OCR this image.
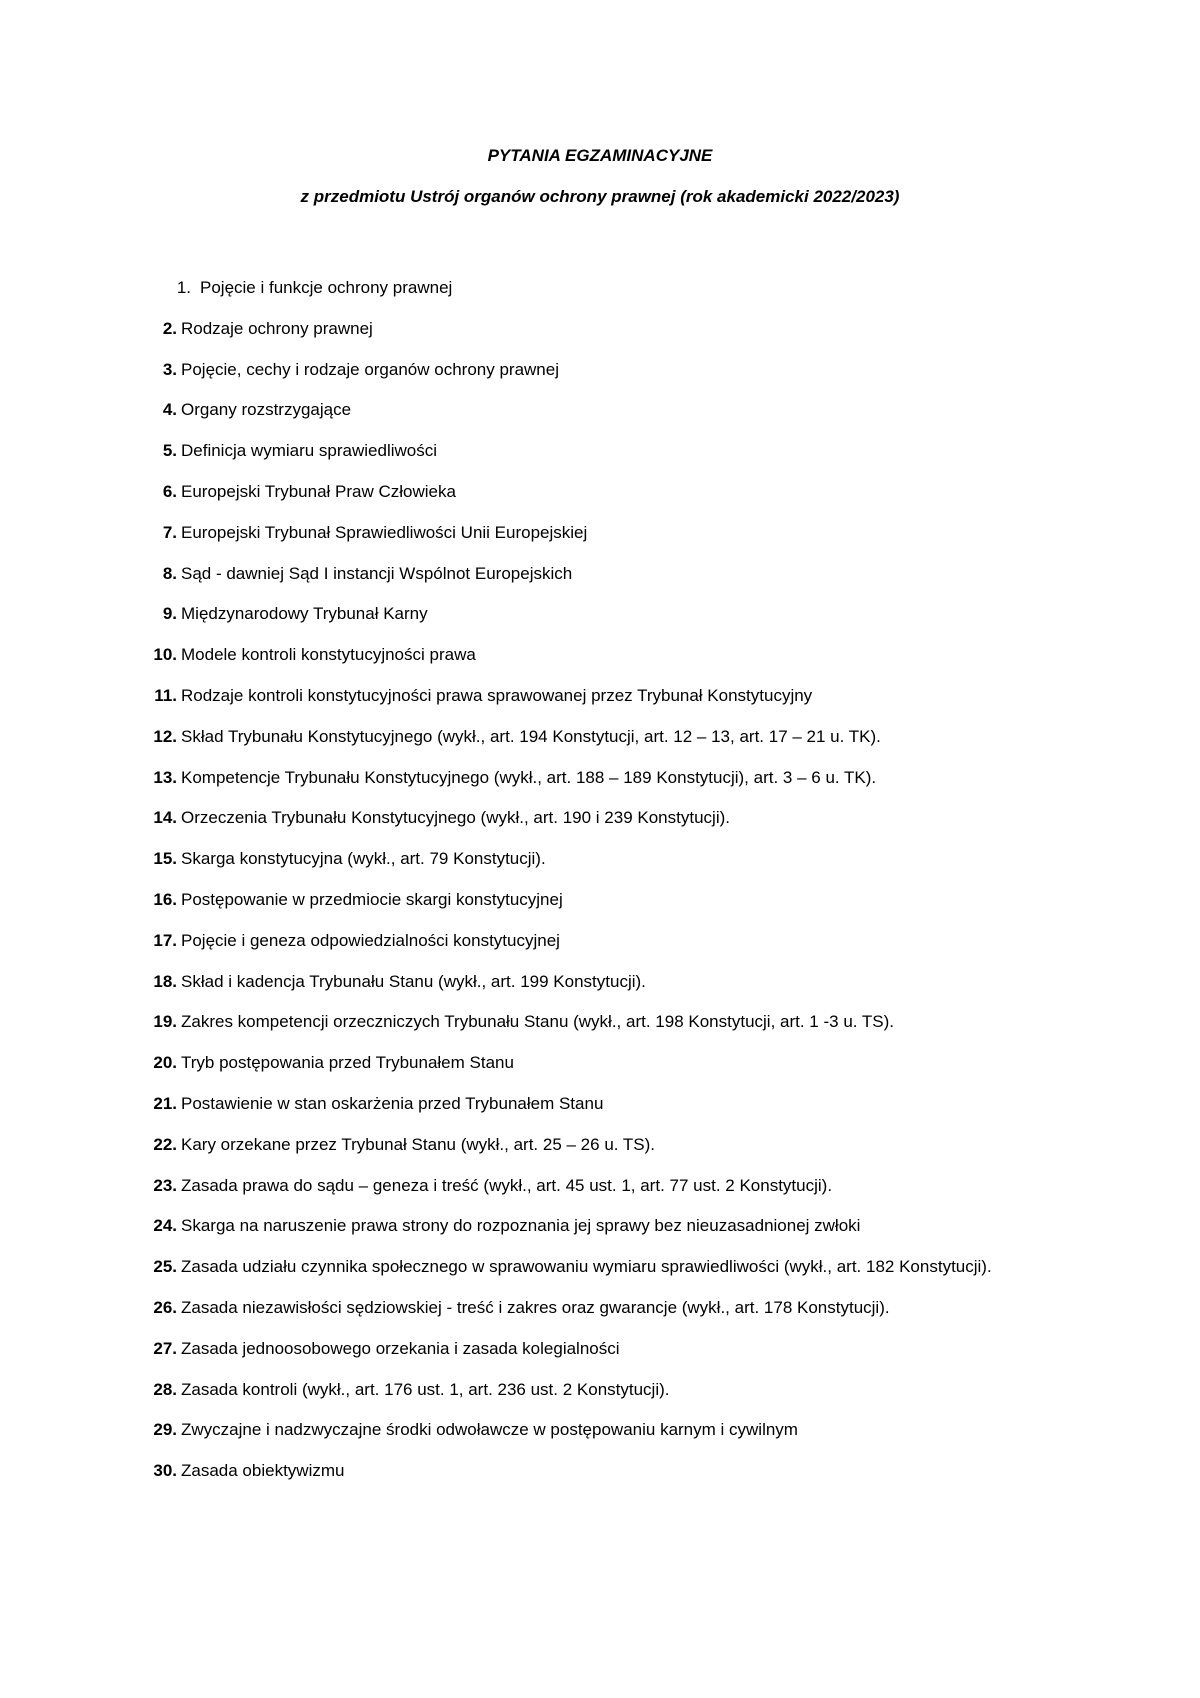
PYTANIA EGZAMINACYJNE

z przedmiotu Ustrój organów ochrony prawnej (rok akademicki 2022/2023)

1. Pojęcie i funkcje ochrony prawnej
2. Rodzaje ochrony prawnej
3. Pojęcie, cechy i rodzaje organów ochrony prawnej
4. Organy rozstrzygające
5. Definicja wymiaru sprawiedliwości
6. Europejski Trybunał Praw Człowieka
7. Europejski Trybunał Sprawiedliwości Unii Europejskiej
8. Sąd - dawniej Sąd I instancji Wspólnot Europejskich
9. Międzynarodowy Trybunał Karny
10. Modele kontroli konstytucyjności prawa
11. Rodzaje kontroli konstytucyjności prawa sprawowanej przez Trybunał Konstytucyjny
12. Skład Trybunału Konstytucyjnego (wykł., art. 194 Konstytucji, art. 12 – 13, art. 17 – 21 u. TK).
13. Kompetencje Trybunału Konstytucyjnego (wykł., art. 188 – 189 Konstytucji), art. 3 – 6 u. TK).
14. Orzeczenia Trybunału Konstytucyjnego (wykł., art. 190 i 239 Konstytucji).
15. Skarga konstytucyjna (wykł., art. 79 Konstytucji).
16. Postępowanie w przedmiocie skargi konstytucyjnej
17. Pojęcie i geneza odpowiedzialności konstytucyjnej
18. Skład i kadencja Trybunału Stanu (wykł., art. 199 Konstytucji).
19. Zakres kompetencji orzeczniczych Trybunału Stanu (wykł., art. 198 Konstytucji, art. 1 -3 u. TS).
20. Tryb postępowania przed Trybunałem Stanu
21. Postawienie w stan oskarżenia przed Trybunałem Stanu
22. Kary orzekane przez Trybunał Stanu (wykł., art. 25 – 26 u. TS).
23. Zasada prawa do sądu – geneza i treść (wykł., art. 45 ust. 1, art. 77 ust. 2 Konstytucji).
24. Skarga na naruszenie prawa strony do rozpoznania jej sprawy bez nieuzasadnionej zwłoki
25. Zasada udziału czynnika społecznego w sprawowaniu wymiaru sprawiedliwości (wykł., art. 182 Konstytucji).
26. Zasada niezawisłości sędziowskiej - treść i zakres oraz gwarancje (wykł., art. 178 Konstytucji).
27. Zasada jednoosobowego orzekania i zasada kolegialności
28. Zasada kontroli (wykł., art. 176 ust. 1, art. 236 ust. 2 Konstytucji).
29. Zwyczajne i nadzwyczajne środki odwoławcze w postępowaniu karnym i cywilnym
30. Zasada obiektywizmu
